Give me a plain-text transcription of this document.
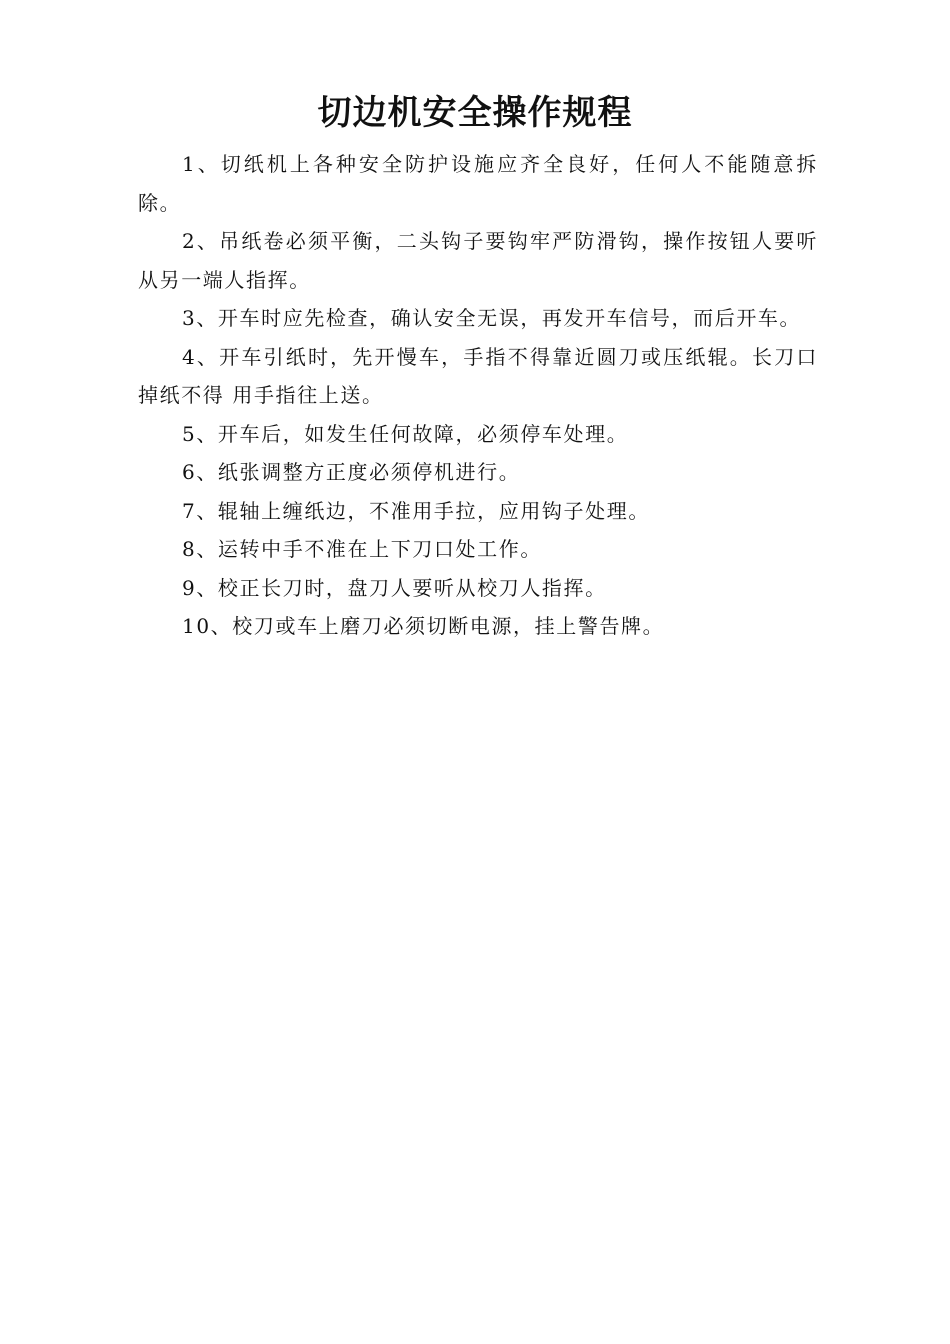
切边机安全操作规程

1、切纸机上各种安全防护设施应齐全良好，任何人不能随意拆除。

2、吊纸卷必须平衡，二头钩子要钩牢严防滑钩，操作按钮人要听从另一端人指挥。

3、开车时应先检查，确认安全无误，再发开车信号，而后开车。

4、开车引纸时，先开慢车，手指不得靠近圆刀或压纸辊。长刀口掉纸不得 用手指往上送。

5、开车后，如发生任何故障，必须停车处理。

6、纸张调整方正度必须停机进行。

7、辊轴上缠纸边，不准用手拉，应用钩子处理。

8、运转中手不准在上下刀口处工作。

9、校正长刀时，盘刀人要听从校刀人指挥。

10、校刀或车上磨刀必须切断电源，挂上警告牌。
